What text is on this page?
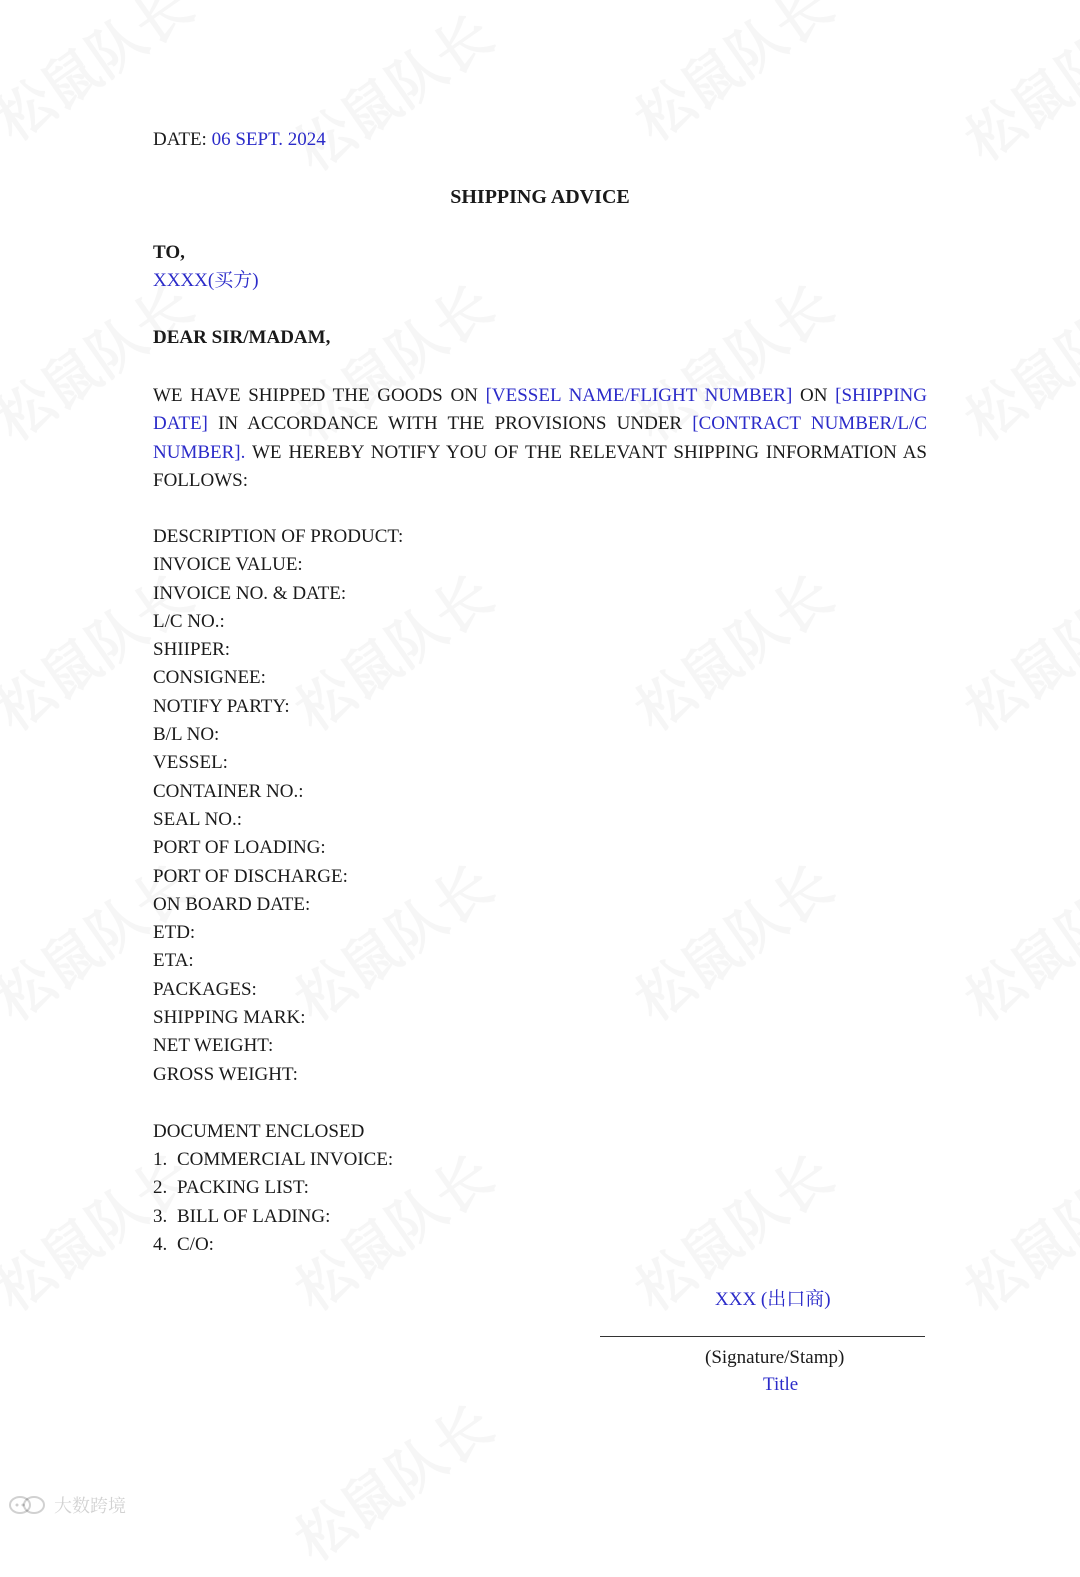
DATE: 06 SEPT. 2024
SHIPPING ADVICE
TO,
XXXX(买方)
DEAR SIR/MADAM,
WE HAVE SHIPPED THE GOODS ON [VESSEL NAME/FLIGHT NUMBER] ON [SHIPPING DATE] IN ACCORDANCE WITH THE PROVISIONS UNDER [CONTRACT NUMBER/L/C NUMBER]. WE HEREBY NOTIFY YOU OF THE RELEVANT SHIPPING INFORMATION AS FOLLOWS:
DESCRIPTION OF PRODUCT:
INVOICE VALUE:
INVOICE NO. & DATE:
L/C NO.:
SHIIPER:
CONSIGNEE:
NOTIFY PARTY:
B/L NO:
VESSEL:
CONTAINER NO.:
SEAL NO.:
PORT OF LOADING:
PORT OF DISCHARGE:
ON BOARD DATE:
ETD:
ETA:
PACKAGES:
SHIPPING MARK:
NET WEIGHT:
GROSS WEIGHT:
DOCUMENT ENCLOSED
1. COMMERCIAL INVOICE:
2. PACKING LIST:
3. BILL OF LADING:
4. C/O:
XXX (出口商)
(Signature/Stamp)
Title
大数跨境
